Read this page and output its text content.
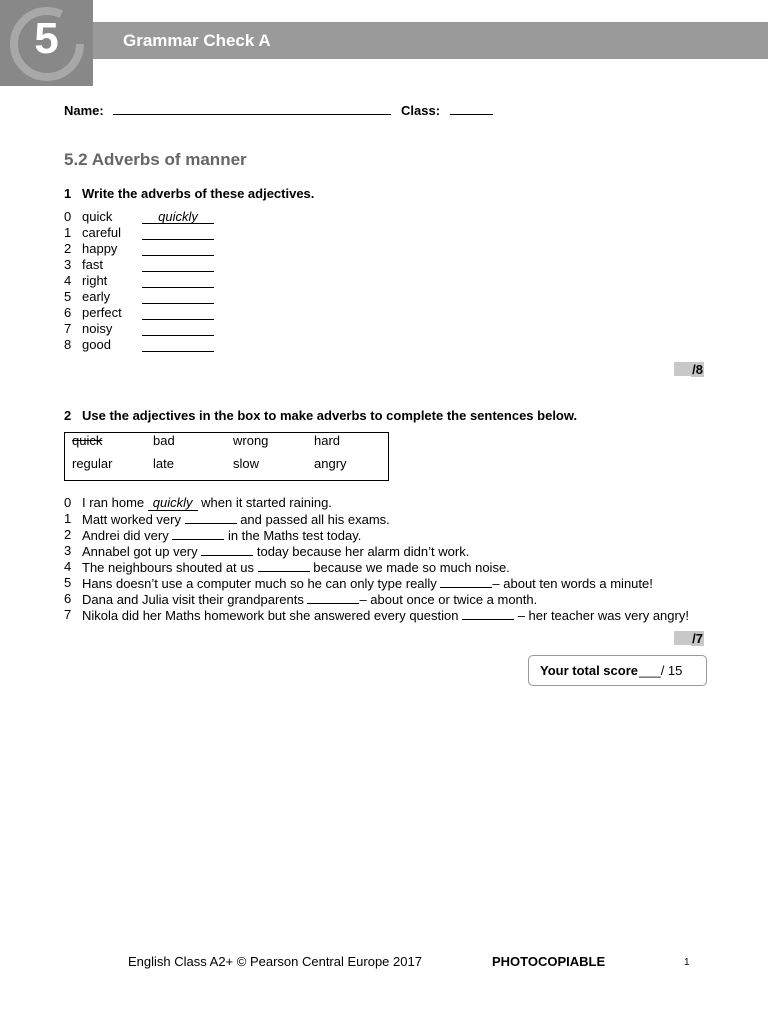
5	Grammar Check A
Name:	Class:
5.2 Adverbs of manner
1 Write the adverbs of these adjectives.
0 quick	quickly
1 careful
2 happy
3 fast
4 right
5 early
6 perfect
7 noisy
8 good
/8
2 Use the adjectives in the box to make adverbs to complete the sentences below.
quick	bad	wrong	hard
regular	late	slow	angry
0 I ran home quickly when it started raining.
1 Matt worked very	and passed all his exams.
2 Andrei did very	in the Maths test today.
3 Annabel got up very	today because her alarm didn’t work.
4 The neighbours shouted at us	because we made so much noise.
5 Hans doesn’t use a computer much so he can only type really	– about ten words a minute!
6 Dana and Julia visit their grandparents	– about once or twice a month.
7 Nikola did her Maths homework but she answered every question	– her teacher was very angry!
/7
Your total score ___/ 15
English Class A2+ © Pearson Central Europe 2017	PHOTOCOPIABLE	1
